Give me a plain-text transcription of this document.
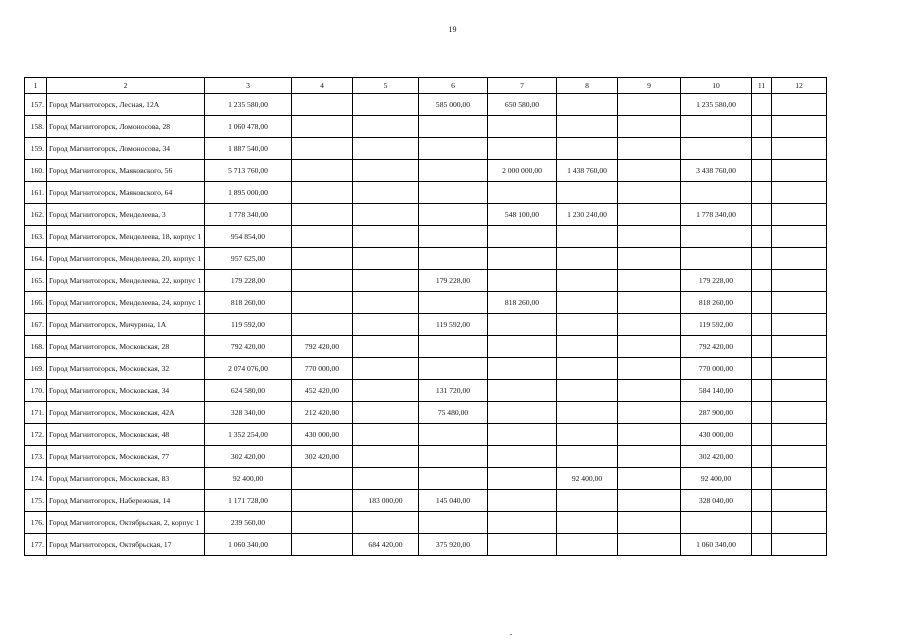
19
1	2	3	4	5	6	7	8	9	10	11	12
157.	Город Магнитогорск, Лесная, 12А	1 235 580,00			585 000,00	650 580,00			1 235 580,00		
158.	Город Магнитогорск, Ломоносова, 28	1 060 478,00									
159.	Город Магнитогорск, Ломоносова, 34	1 887 540,00									
160.	Город Магнитогорск, Маяковского, 56	5 713 760,00				2 000 000,00	1 438 760,00		3 438 760,00		
161.	Город Магнитогорск, Маяковского, 64	1 895 000,00									
162.	Город Магнитогорск, Менделеева, 3	1 778 340,00				548 100,00	1 230 240,00		1 778 340,00		
163.	Город Магнитогорск, Менделеева, 18, корпус 1	954 854,00									
164.	Город Магнитогорск, Менделеева, 20, корпус 1	957 625,00									
165.	Город Магнитогорск, Менделеева, 22, корпус 1	179 228,00			179 228,00				179 228,00		
166.	Город Магнитогорск, Менделеева, 24, корпус 1	818 260,00				818 260,00			818 260,00		
167.	Город Магнитогорск, Мичурина, 1А	119 592,00			119 592,00				119 592,00		
168.	Город Магнитогорск, Московская, 28	792 420,00	792 420,00						792 420,00		
169.	Город Магнитогорск, Московская, 32	2 074 076,00	770 000,00						770 000,00		
170.	Город Магнитогорск, Московская, 34	624 580,00	452 420,00		131 720,00				584 140,00		
171.	Город Магнитогорск, Московская, 42А	328 340,00	212 420,00		75 480,00				287 900,00		
172.	Город Магнитогорск, Московская, 48	1 352 254,00	430 000,00						430 000,00		
173.	Город Магнитогорск, Московская, 77	302 420,00	302 420,00						302 420,00		
174.	Город Магнитогорск, Московская, 83	92 400,00					92 400,00		92 400,00		
175.	Город Магнитогорск, Набережная, 14	1 171 728,00		183 000,00	145 040,00				328 040,00		
176.	Город Магнитогорск, Октябрьская, 2, корпус 1	239 560,00									
177.	Город Магнитогорск, Октябрьская, 17	1 060 340,00		684 420,00	375 920,00				1 060 340,00		
